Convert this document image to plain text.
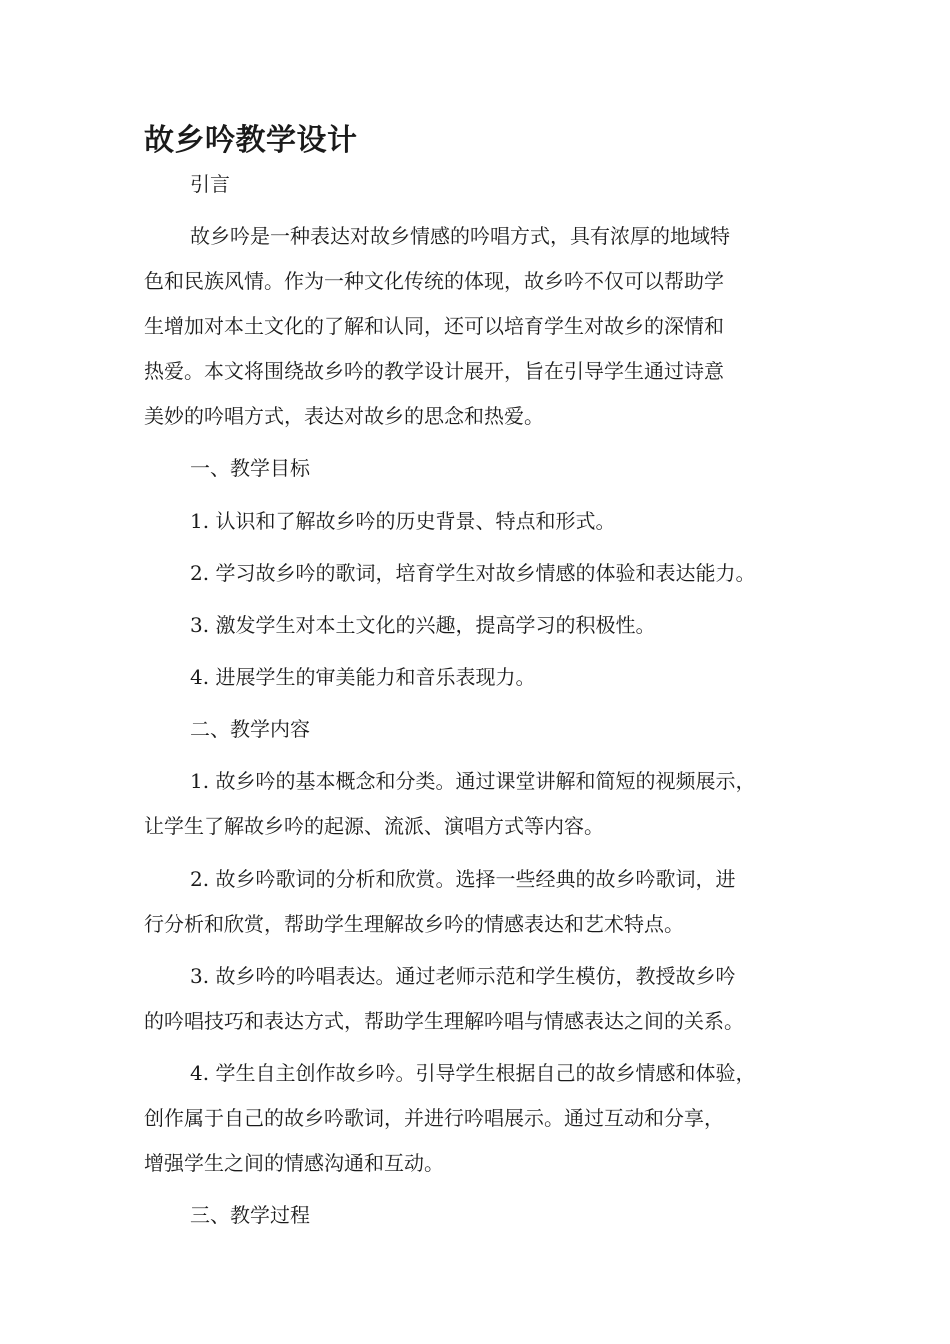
故乡吟教学设计

引言

故乡吟是一种表达对故乡情感的吟唱方式，具有浓厚的地域特

色和民族风情。作为一种文化传统的体现，故乡吟不仅可以帮助学

生增加对本土文化的了解和认同，还可以培育学生对故乡的深情和

热爱。本文将围绕故乡吟的教学设计展开，旨在引导学生通过诗意

美妙的吟唱方式，表达对故乡的思念和热爱。

一、教学目标

1. 认识和了解故乡吟的历史背景、特点和形式。

2. 学习故乡吟的歌词，培育学生对故乡情感的体验和表达能力。

3. 激发学生对本土文化的兴趣，提高学习的积极性。

4. 进展学生的审美能力和音乐表现力。

二、教学内容

1. 故乡吟的基本概念和分类。通过课堂讲解和简短的视频展示，

让学生了解故乡吟的起源、流派、演唱方式等内容。

2. 故乡吟歌词的分析和欣赏。选择一些经典的故乡吟歌词，进

行分析和欣赏，帮助学生理解故乡吟的情感表达和艺术特点。

3. 故乡吟的吟唱表达。通过老师示范和学生模仿，教授故乡吟

的吟唱技巧和表达方式，帮助学生理解吟唱与情感表达之间的关系。

4. 学生自主创作故乡吟。引导学生根据自己的故乡情感和体验，

创作属于自己的故乡吟歌词，并进行吟唱展示。通过互动和分享，

增强学生之间的情感沟通和互动。

三、教学过程
